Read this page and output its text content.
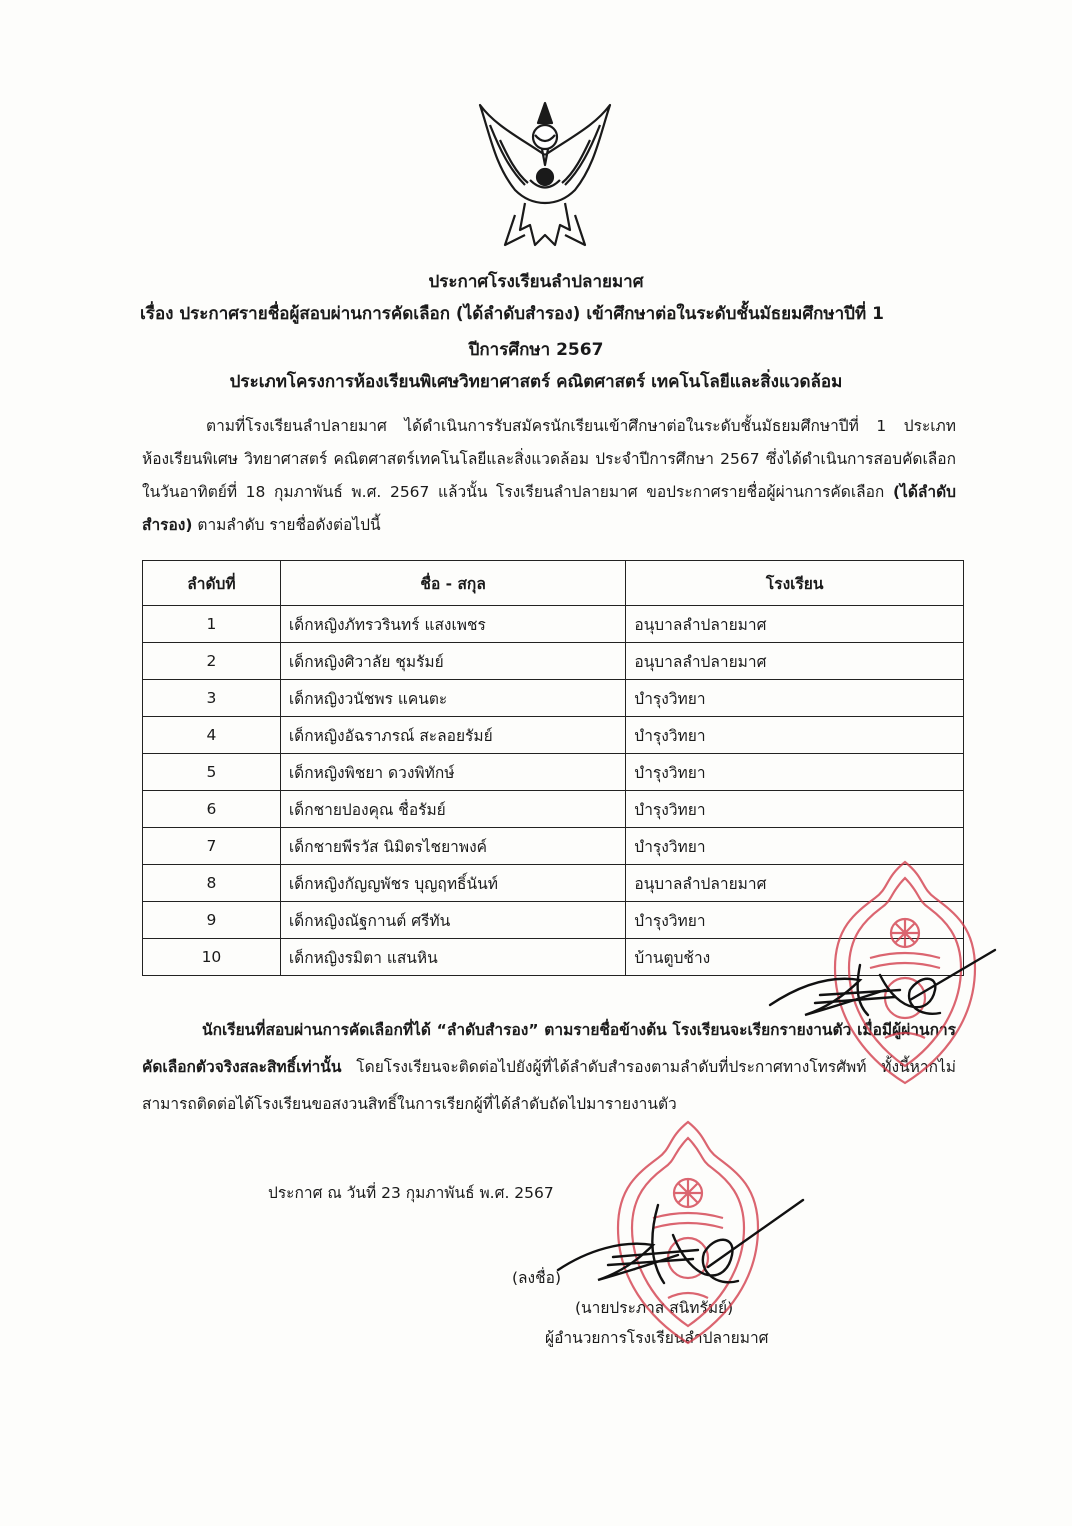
ประกาศโรงเรียนลำปลายมาศ
เรื่อง ประกาศรายชื่อผู้สอบผ่านการคัดเลือก (ได้ลำดับสำรอง) เข้าศึกษาต่อในระดับชั้นมัธยมศึกษาปีที่ 1
ปีการศึกษา 2567
ประเภทโครงการห้องเรียนพิเศษวิทยาศาสตร์ คณิตศาสตร์ เทคโนโลยีและสิ่งแวดล้อม
ตามที่โรงเรียนลำปลายมาศ ได้ดำเนินการรับสมัครนักเรียนเข้าศึกษาต่อในระดับชั้นมัธยมศึกษาปีที่ 1 ประเภทห้องเรียนพิเศษ วิทยาศาสตร์ คณิตศาสตร์เทคโนโลยีและสิ่งแวดล้อม ประจำปีการศึกษา 2567 ซึ่งได้ดำเนินการสอบคัดเลือกในวันอาทิตย์ที่ 18 กุมภาพันธ์ พ.ศ. 2567 แล้วนั้น โรงเรียนลำปลายมาศ ขอประกาศรายชื่อผู้ผ่านการคัดเลือก (ได้ลำดับสำรอง) ตามลำดับ รายชื่อดังต่อไปนี้
ลำดับที่	ชื่อ - สกุล	โรงเรียน
1	เด็กหญิงภัทรวรินทร์ แสงเพชร	อนุบาลลำปลายมาศ
2	เด็กหญิงศิวาลัย ชุมรัมย์	อนุบาลลำปลายมาศ
3	เด็กหญิงวนัชพร แคนตะ	บำรุงวิทยา
4	เด็กหญิงอัฉราภรณ์ สะลอยรัมย์	บำรุงวิทยา
5	เด็กหญิงพิชยา ดวงพิทักษ์	บำรุงวิทยา
6	เด็กชายปองคุณ ชื่อรัมย์	บำรุงวิทยา
7	เด็กชายพีรวัส นิมิตรไชยาพงค์	บำรุงวิทยา
8	เด็กหญิงกัญญพัชร บุญฤทธิ์นันท์	อนุบาลลำปลายมาศ
9	เด็กหญิงณัฐกานต์ ศรีทัน	บำรุงวิทยา
10	เด็กหญิงรมิตา แสนหิน	บ้านตูบช้าง
นักเรียนที่สอบผ่านการคัดเลือกที่ได้ “ลำดับสำรอง” ตามรายชื่อข้างต้น โรงเรียนจะเรียกรายงานตัว เมื่อมีผู้ผ่านการคัดเลือกตัวจริงสละสิทธิ์เท่านั้น โดยโรงเรียนจะติดต่อไปยังผู้ที่ได้ลำดับสำรองตามลำดับที่ประกาศทางโทรศัพท์ ทั้งนี้หากไม่สามารถติดต่อได้โรงเรียนขอสงวนสิทธิ์ในการเรียกผู้ที่ได้ลำดับถัดไปมารายงานตัว
ประกาศ ณ วันที่ 23 กุมภาพันธ์ พ.ศ. 2567
(ลงชื่อ)
(นายประภาส สนิทรัมย์)
ผู้อำนวยการโรงเรียนลำปลายมาศ
